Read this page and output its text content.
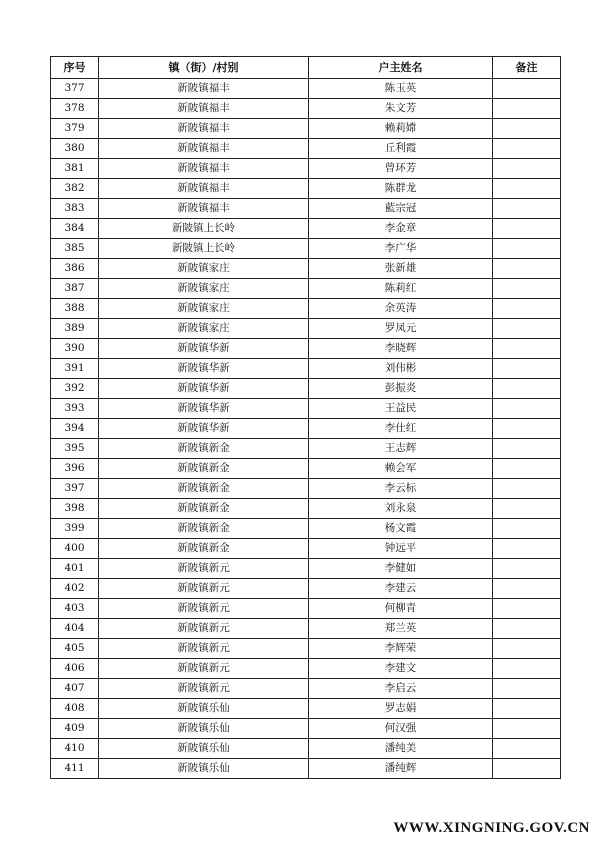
序号	镇（街）/村别	户主姓名	备注
377	新陂镇福丰	陈玉英	
378	新陂镇福丰	朱文芳	
379	新陂镇福丰	赖莉嫦	
380	新陂镇福丰	丘利霞	
381	新陂镇福丰	曾环芳	
382	新陂镇福丰	陈群龙	
383	新陂镇福丰	藍宗冠	
384	新陂镇上长岭	李金章	
385	新陂镇上长岭	李广华	
386	新陂镇家庄	张新雄	
387	新陂镇家庄	陈莉红	
388	新陂镇家庄	余英涛	
389	新陂镇家庄	罗凤元	
390	新陂镇华新	李晓辉	
391	新陂镇华新	刘伟彬	
392	新陂镇华新	彭振炎	
393	新陂镇华新	王益民	
394	新陂镇华新	李仕红	
395	新陂镇新金	王志辉	
396	新陂镇新金	赖会军	
397	新陂镇新金	李云标	
398	新陂镇新金	刘永泉	
399	新陂镇新金	杨文霞	
400	新陂镇新金	钟远平	
401	新陂镇新元	李健如	
402	新陂镇新元	李建云	
403	新陂镇新元	何柳青	
404	新陂镇新元	郑兰英	
405	新陂镇新元	李辉荣	
406	新陂镇新元	李建文	
407	新陂镇新元	李启云	
408	新陂镇乐仙	罗志娟	
409	新陂镇乐仙	何汉强	
410	新陂镇乐仙	潘纯美	
411	新陂镇乐仙	潘纯辉	
WWW.XINGNING.GOV.CN
